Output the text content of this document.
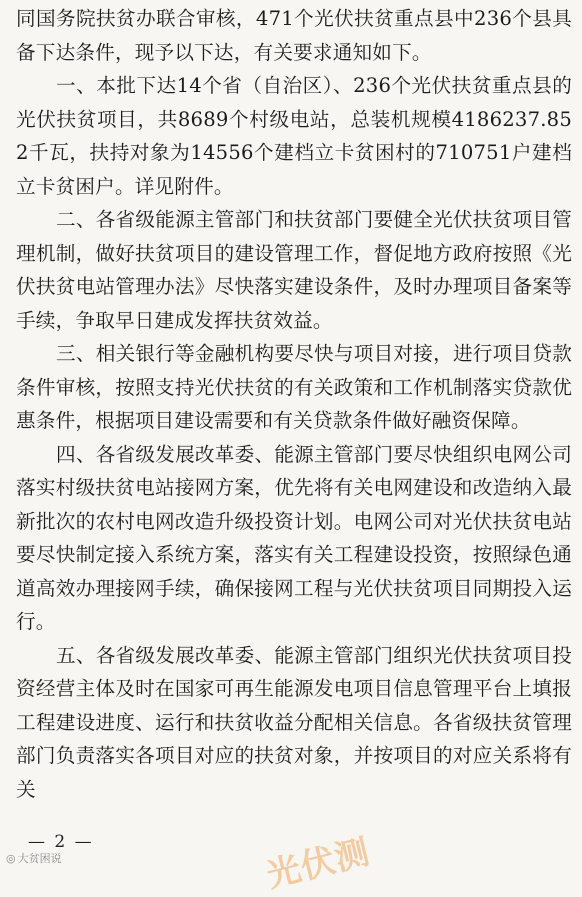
同国务院扶贫办联合审核，471个光伏扶贫重点县中236个县具备下达条件，现予以下达，有关要求通知如下。

一、本批下达14个省（自治区）、236个光伏扶贫重点县的光伏扶贫项目，共8689个村级电站，总装机规模4186237.852千瓦，扶持对象为14556个建档立卡贫困村的710751户建档立卡贫困户。详见附件。

二、各省级能源主管部门和扶贫部门要健全光伏扶贫项目管理机制，做好扶贫项目的建设管理工作，督促地方政府按照《光伏扶贫电站管理办法》尽快落实建设条件，及时办理项目备案等手续，争取早日建成发挥扶贫效益。

三、相关银行等金融机构要尽快与项目对接，进行项目贷款条件审核，按照支持光伏扶贫的有关政策和工作机制落实贷款优惠条件，根据项目建设需要和有关贷款条件做好融资保障。

四、各省级发展改革委、能源主管部门要尽快组织电网公司落实村级扶贫电站接网方案，优先将有关电网建设和改造纳入最新批次的农村电网改造升级投资计划。电网公司对光伏扶贫电站要尽快制定接入系统方案，落实有关工程建设投资，按照绿色通道高效办理接网手续，确保接网工程与光伏扶贫项目同期投入运行。

五、各省级发展改革委、能源主管部门组织光伏扶贫项目投资经营主体及时在国家可再生能源发电项目信息管理平台上填报工程建设进度、运行和扶贫收益分配相关信息。各省级扶贫管理部门负责落实各项目对应的扶贫对象，并按项目的对应关系将有关

— 2 —	光伏测
◎ 大贫困说
